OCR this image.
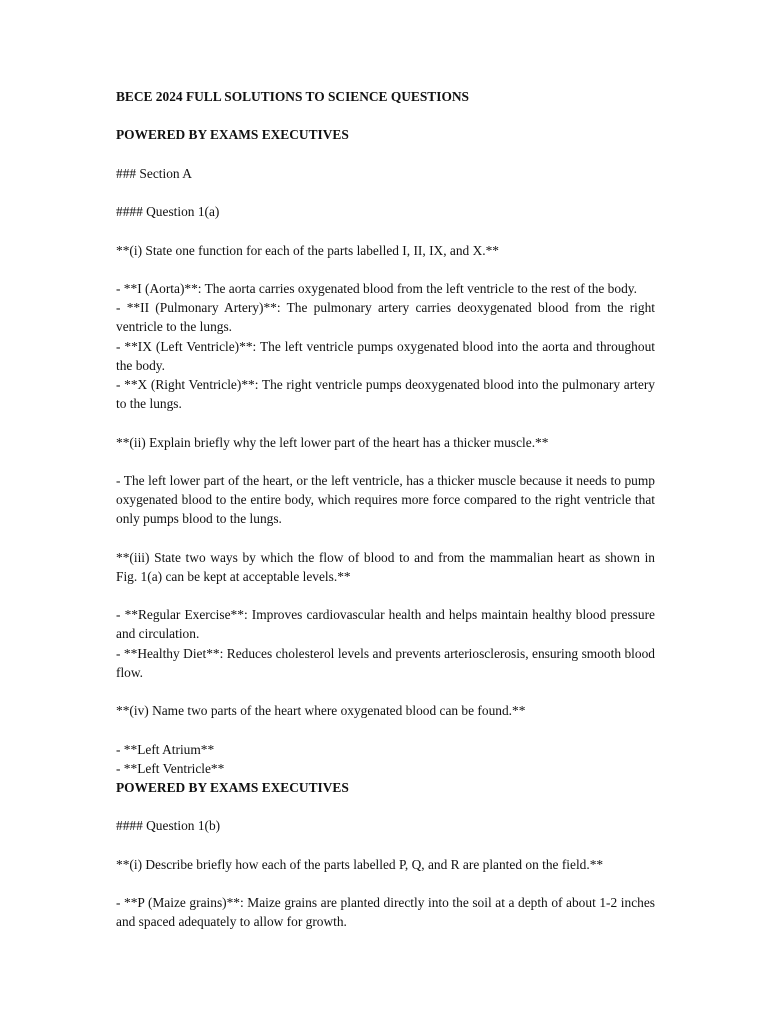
BECE 2024 FULL SOLUTIONS TO SCIENCE QUESTIONS

POWERED BY EXAMS EXECUTIVES

### Section A

#### Question 1(a)

**(i) State one function for each of the parts labelled I, II, IX, and X.**

- **I (Aorta)**: The aorta carries oxygenated blood from the left ventricle to the rest of the body.

- **II (Pulmonary Artery)**: The pulmonary artery carries deoxygenated blood from the right ventricle to the lungs.

- **IX (Left Ventricle)**: The left ventricle pumps oxygenated blood into the aorta and throughout the body.

- **X (Right Ventricle)**: The right ventricle pumps deoxygenated blood into the pulmonary artery to the lungs.

**(ii) Explain briefly why the left lower part of the heart has a thicker muscle.**

- The left lower part of the heart, or the left ventricle, has a thicker muscle because it needs to pump oxygenated blood to the entire body, which requires more force compared to the right ventricle that only pumps blood to the lungs.

**(iii) State two ways by which the flow of blood to and from the mammalian heart as shown in Fig. 1(a) can be kept at acceptable levels.**

- **Regular Exercise**: Improves cardiovascular health and helps maintain healthy blood pressure and circulation.

- **Healthy Diet**: Reduces cholesterol levels and prevents arteriosclerosis, ensuring smooth blood flow.

**(iv) Name two parts of the heart where oxygenated blood can be found.**

- **Left Atrium**

- **Left Ventricle**

POWERED BY EXAMS EXECUTIVES

#### Question 1(b)

**(i) Describe briefly how each of the parts labelled P, Q, and R are planted on the field.**

- **P (Maize grains)**: Maize grains are planted directly into the soil at a depth of about 1-2 inches and spaced adequately to allow for growth.
